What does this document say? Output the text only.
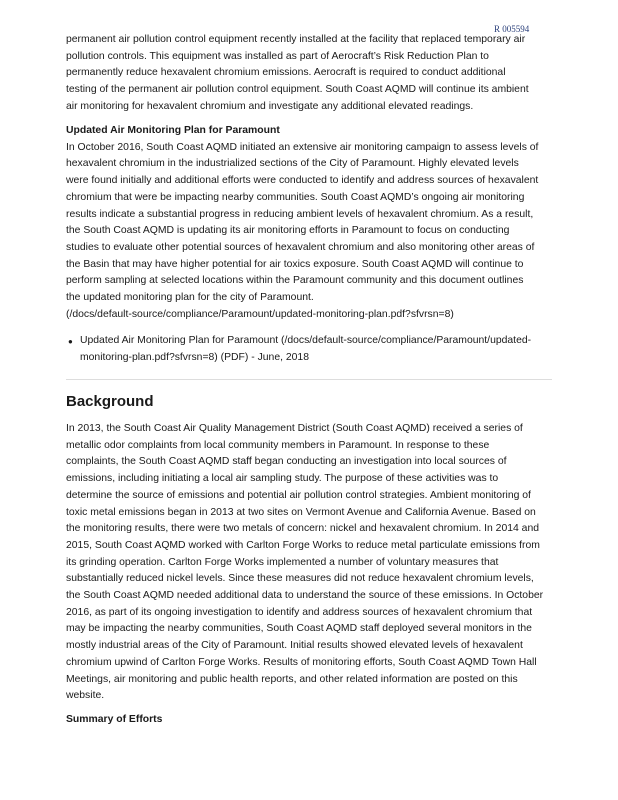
R 005594
permanent air pollution control equipment recently installed at the facility that replaced temporary air
pollution controls. This equipment was installed as part of Aerocraft’s Risk Reduction Plan to
permanently reduce hexavalent chromium emissions. Aerocraft is required to conduct additional
testing of the permanent air pollution control equipment. South Coast AQMD will continue its ambient
air monitoring for hexavalent chromium and investigate any additional elevated readings.
Updated Air Monitoring Plan for Paramount
In October 2016, South Coast AQMD initiated an extensive air monitoring campaign to assess levels of
hexavalent chromium in the industrialized sections of the City of Paramount. Highly elevated levels
were found initially and additional efforts were conducted to identify and address sources of hexavalent
chromium that were be impacting nearby communities. South Coast AQMD’s ongoing air monitoring
results indicate a substantial progress in reducing ambient levels of hexavalent chromium. As a result,
the South Coast AQMD is updating its air monitoring efforts in Paramount to focus on conducting
studies to evaluate other potential sources of hexavalent chromium and also monitoring other areas of
the Basin that may have higher potential for air toxics exposure. South Coast AQMD will continue to
perform sampling at selected locations within the Paramount community and this document outlines
the updated monitoring plan for the city of Paramount.
(/docs/default-source/compliance/Paramount/updated-monitoring-plan.pdf?sfvrsn=8)
● Updated Air Monitoring Plan for Paramount (/docs/default-source/compliance/Paramount/updated-
monitoring-plan.pdf?sfvrsn=8) (PDF) - June, 2018
Background
In 2013, the South Coast Air Quality Management District (South Coast AQMD) received a series of
metallic odor complaints from local community members in Paramount. In response to these
complaints, the South Coast AQMD staff began conducting an investigation into local sources of
emissions, including initiating a local air sampling study. The purpose of these activities was to
determine the source of emissions and potential air pollution control strategies. Ambient monitoring of
toxic metal emissions began in 2013 at two sites on Vermont Avenue and California Avenue. Based on
the monitoring results, there were two metals of concern: nickel and hexavalent chromium. In 2014 and
2015, South Coast AQMD worked with Carlton Forge Works to reduce metal particulate emissions from
its grinding operation. Carlton Forge Works implemented a number of voluntary measures that
substantially reduced nickel levels. Since these measures did not reduce hexavalent chromium levels,
the South Coast AQMD needed additional data to understand the source of these emissions. In October
2016, as part of its ongoing investigation to identify and address sources of hexavalent chromium that
may be impacting the nearby communities, South Coast AQMD staff deployed several monitors in the
mostly industrial areas of the City of Paramount. Initial results showed elevated levels of hexavalent
chromium upwind of Carlton Forge Works. Results of monitoring efforts, South Coast AQMD Town Hall
Meetings, air monitoring and public health reports, and other related information are posted on this
website.
Summary of Efforts
